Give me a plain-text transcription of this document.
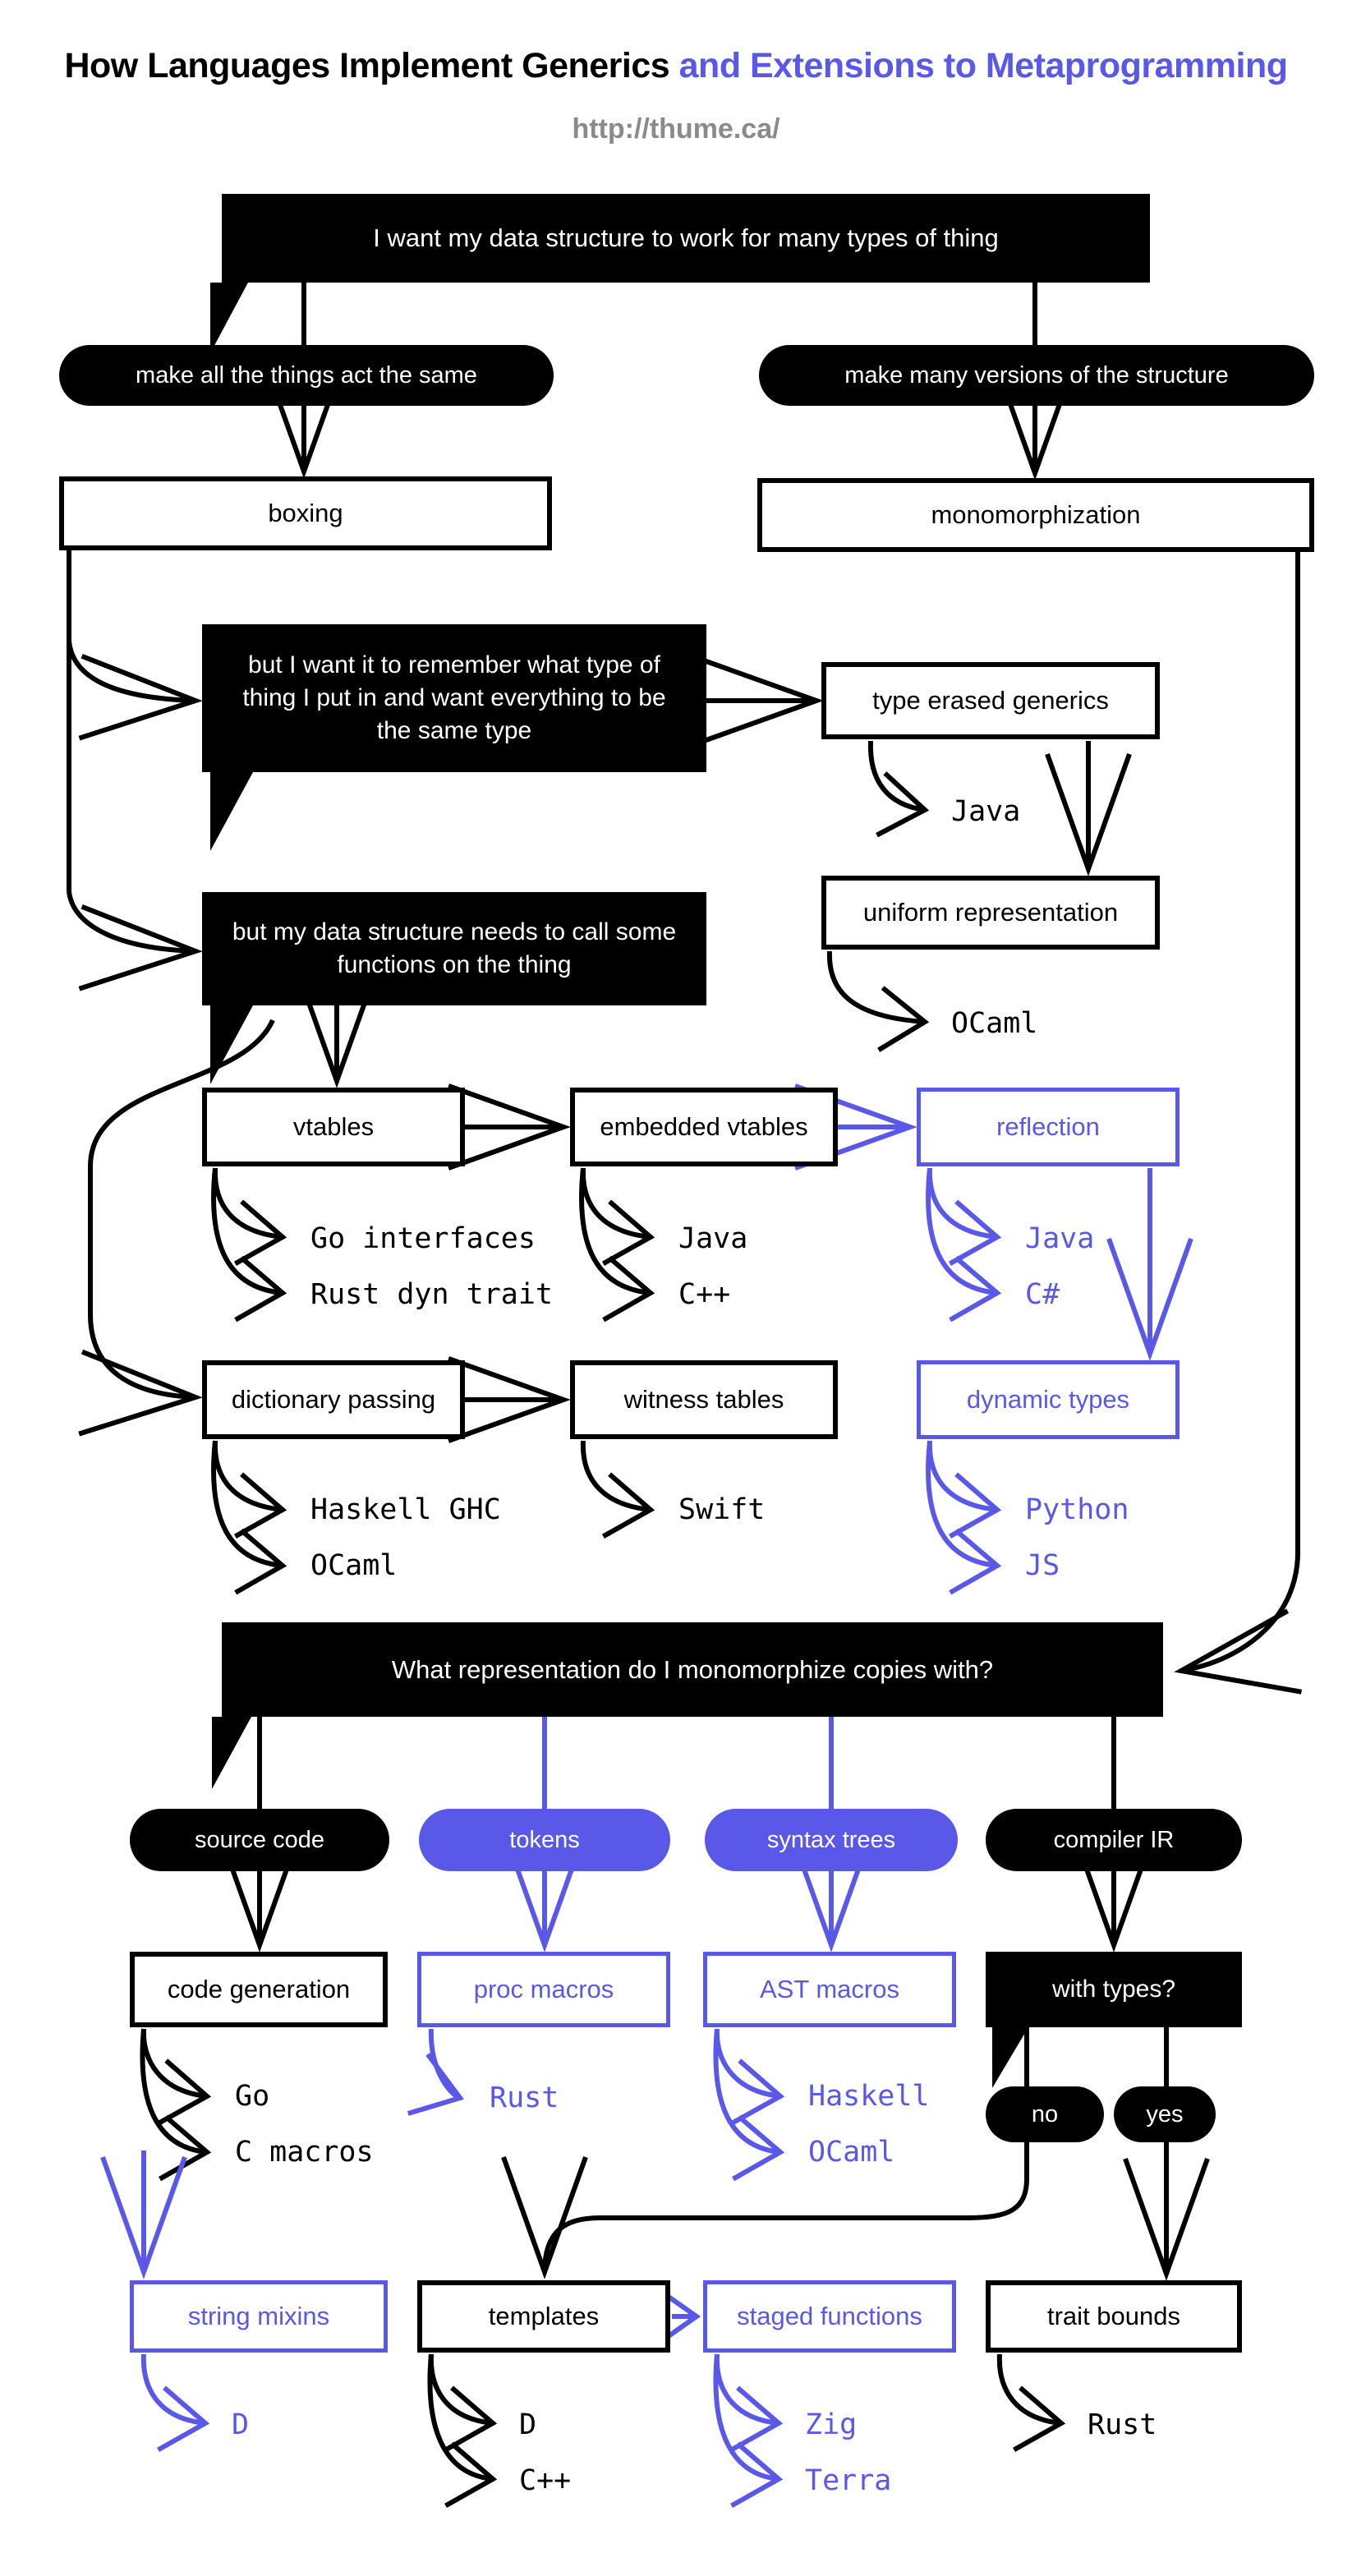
How Languages Implement Generics and Extensions to Metaprogramming
http://thume.ca/
I want my data structure to work for many types of thing
make all the things act the same	make many versions of the structure
boxing	monomorphization
but I want it to remember what type of thing I put in and want everything to be the same type
type erased generics
Java
uniform representation
OCaml
but my data structure needs to call some functions on the thing
vtables	embedded vtables	reflection
Go interfaces
Rust dyn trait
Java
C++
Java
C#
dictionary passing	witness tables	dynamic types
Haskell GHC
OCaml
Swift	Python
JS
What representation do I monomorphize copies with?
source code	tokens	syntax trees	compiler IR
code generation	proc macros	AST macros	with types?
Go
C macros
Rust	Haskell
OCaml
no	yes
string mixins	templates	staged functions	trait bounds
D	D
C++
Zig
Terra
Rust
